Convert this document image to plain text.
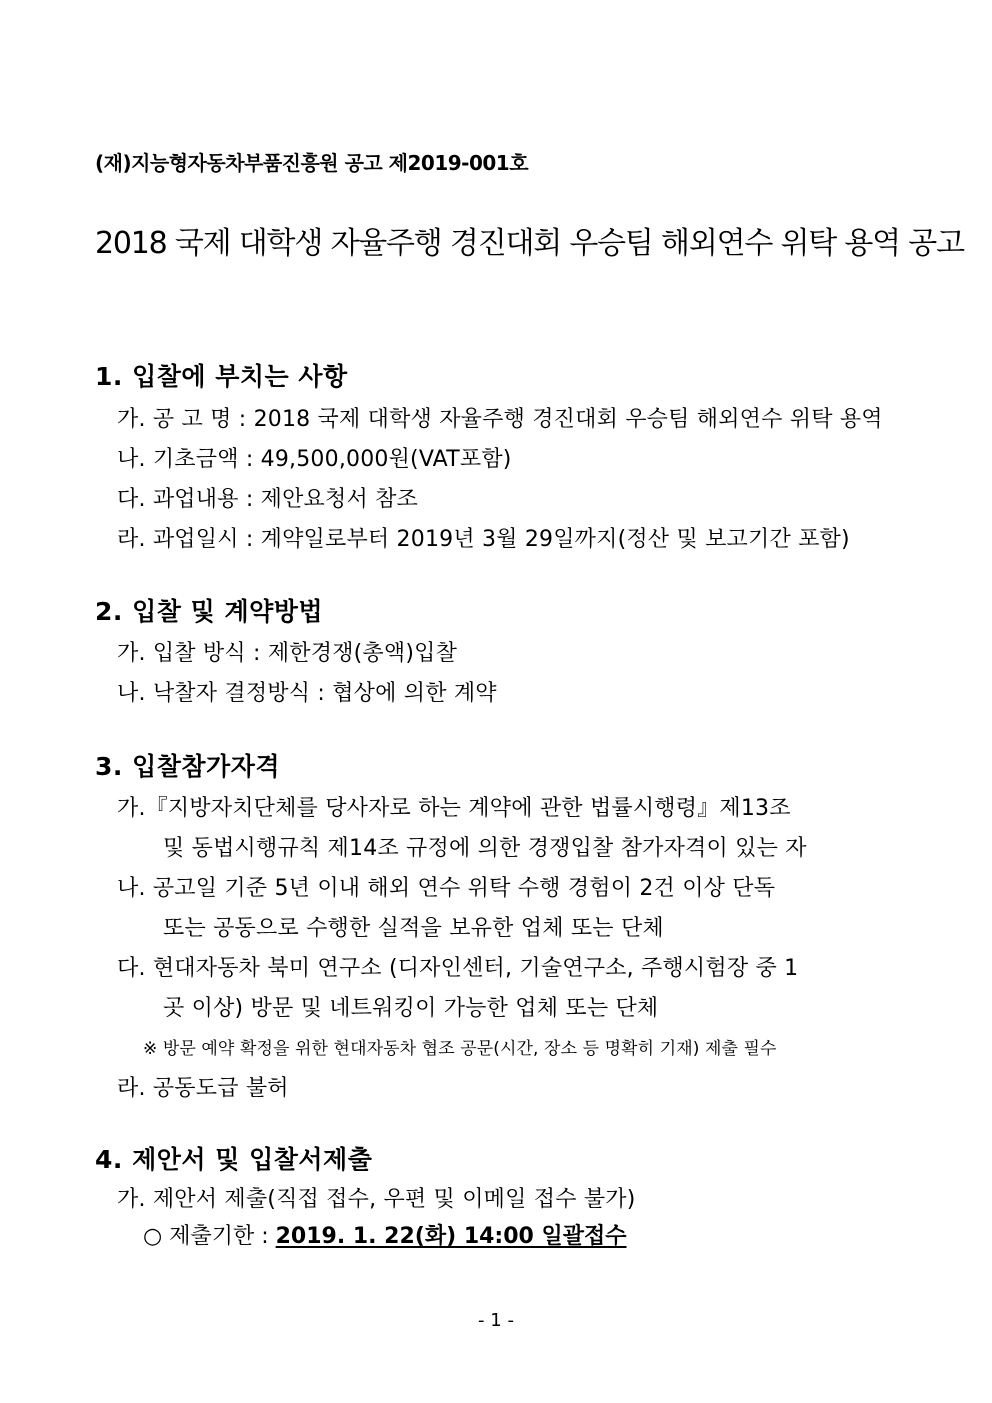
(재)지능형자동차부품진흥원 공고 제2019-001호
2018 국제 대학생 자율주행 경진대회 우승팀 해외연수 위탁 용역 공고
1. 입찰에 부치는 사항
가. 공 고 명 : 2018 국제 대학생 자율주행 경진대회 우승팀 해외연수 위탁 용역
나. 기초금액 : 49,500,000원(VAT포함)
다. 과업내용 : 제안요청서 참조
라. 과업일시 : 계약일로부터 2019년 3월 29일까지(정산 및 보고기간 포함)
2. 입찰 및 계약방법
가. 입찰 방식 : 제한경쟁(총액)입찰
나. 낙찰자 결정방식 : 협상에 의한 계약
3. 입찰참가자격
가.『지방자치단체를 당사자로 하는 계약에 관한 법률시행령』제13조
및 동법시행규칙 제14조 규정에 의한 경쟁입찰 참가자격이 있는 자
나. 공고일 기준 5년 이내 해외 연수 위탁 수행 경험이 2건 이상 단독
또는 공동으로 수행한 실적을 보유한 업체 또는 단체
다. 현대자동차 북미 연구소 (디자인센터, 기술연구소, 주행시험장 중 1
곳 이상) 방문 및 네트워킹이 가능한 업체 또는 단체
※ 방문 예약 확정을 위한 현대자동차 협조 공문(시간, 장소 등 명확히 기재) 제출 필수
라. 공동도급 불허
4. 제안서 및 입찰서제출
가. 제안서 제출(직접 접수, 우편 및 이메일 접수 불가)
○ 제출기한 : 2019. 1. 22(화) 14:00 일괄접수
- 1 -
